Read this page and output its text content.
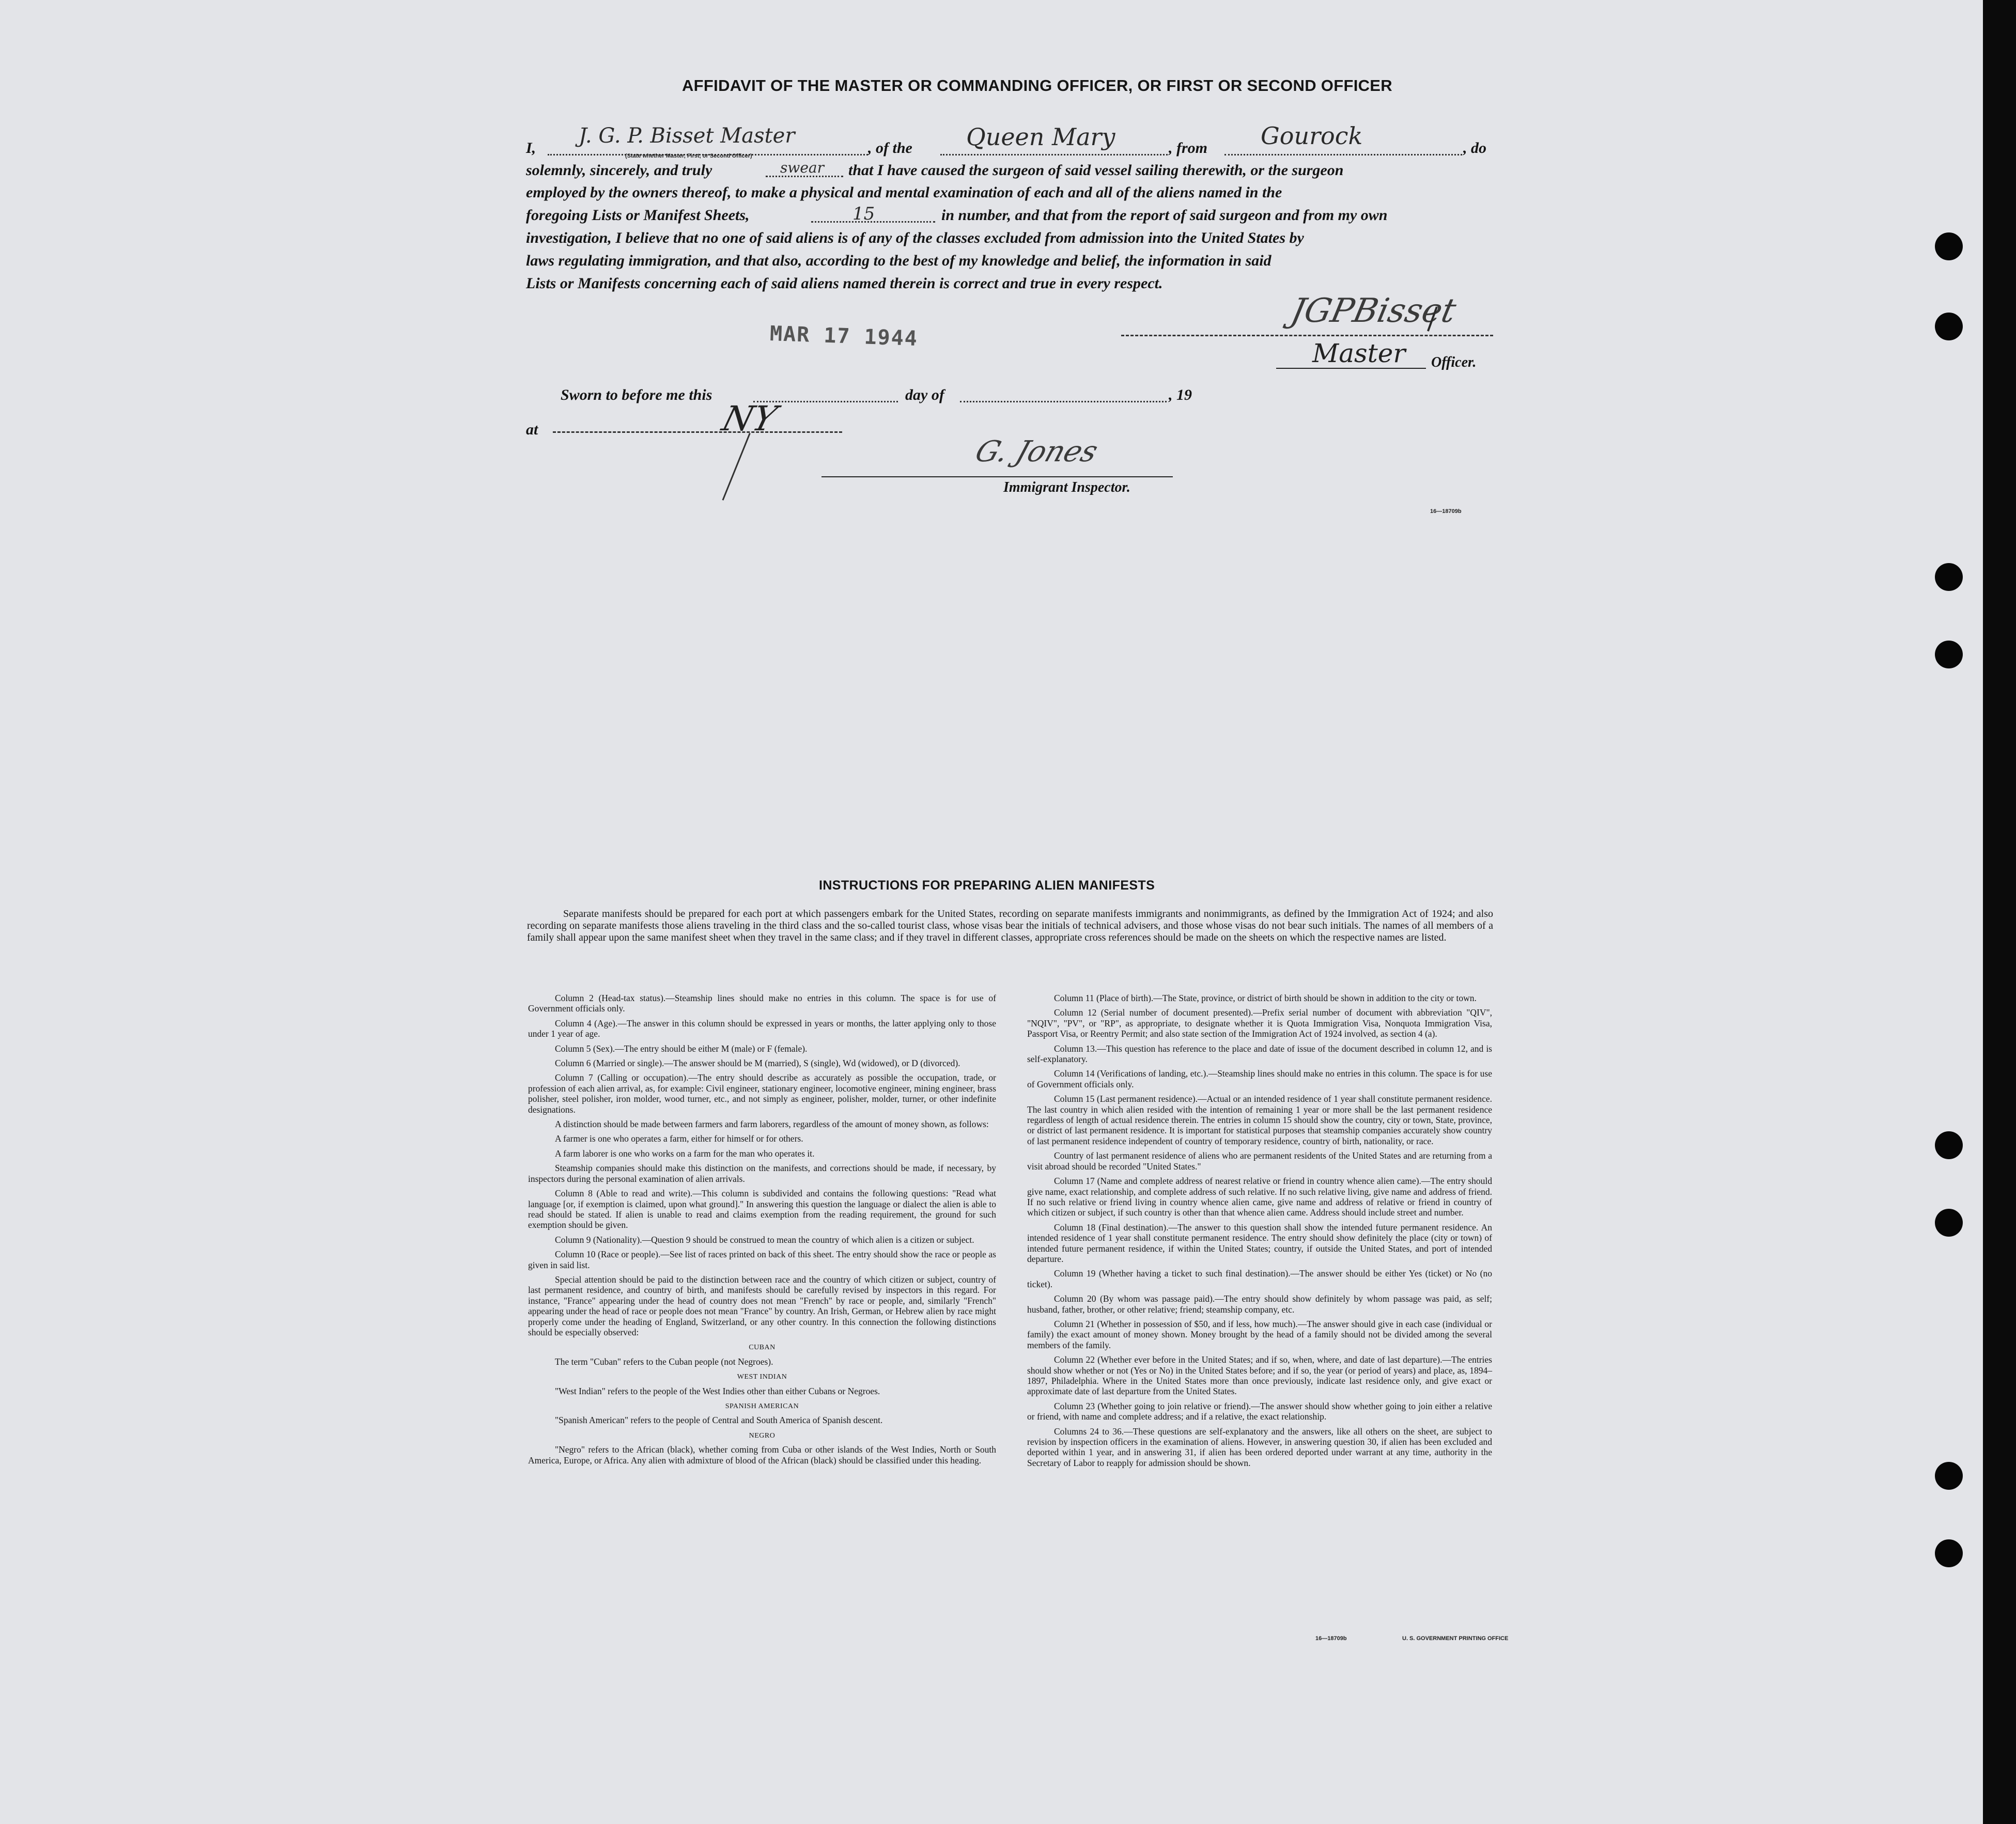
AFFIDAVIT OF THE MASTER OR COMMANDING OFFICER, OR FIRST OR SECOND OFFICER
I,
J. G. P. Bisset Master
(State whether Master, First, or Second Officer)	, of the Queen Mary	, from Gourock	, do
solemnly, sincerely, and truly	swear that I have caused the surgeon of said vessel sailing therewith, or the surgeon
employed by the owners thereof, to make a physical and mental examination of each and all of the aliens named in the
foregoing Lists or Manifest Sheets,	15	in number, and that from the report of said surgeon and from my own
investigation, I believe that no one of said aliens is of any of the classes excluded from admission into the United States by
laws regulating immigration, and that also, according to the best of my knowledge and belief, the information in said
Lists or Manifests concerning each of said aliens named therein is correct and true in every respect.
MAR 17 1944
JGPBisset
Master Officer.
Sworn to before me this	day of	, 19
at	NY
G. Jones
Immigrant Inspector.
16—18709b
INSTRUCTIONS FOR PREPARING ALIEN MANIFESTS
Separate manifests should be prepared for each port at which passengers embark for the United States, recording on separate manifests immigrants and nonimmigrants, as defined by the Immigration Act of 1924; and also recording on separate manifests those aliens traveling in the third class and the so-called tourist class, whose visas bear the initials of technical advisers, and those whose visas do not bear such initials. The names of all members of a family shall appear upon the same manifest sheet when they travel in the same class; and if they travel in different classes, appropriate cross references should be made on the sheets on which the respective names are listed.

Column 2 (Head-tax status).—Steamship lines should make no entries in this column. The space is for use of Government officials only.

Column 4 (Age).—The answer in this column should be expressed in years or months, the latter applying only to those under 1 year of age.

Column 5 (Sex).—The entry should be either M (male) or F (female).

Column 6 (Married or single).—The answer should be M (married), S (single), Wd (widowed), or D (divorced).

Column 7 (Calling or occupation).—The entry should describe as accurately as possible the occupation, trade, or profession of each alien arrival, as, for example: Civil engineer, stationary engineer, locomotive engineer, mining engineer, brass polisher, steel polisher, iron molder, wood turner, etc., and not simply as engineer, polisher, molder, turner, or other indefinite designations.

A distinction should be made between farmers and farm laborers, regardless of the amount of money shown, as follows:

A farmer is one who operates a farm, either for himself or for others.

A farm laborer is one who works on a farm for the man who operates it.

Steamship companies should make this distinction on the manifests, and corrections should be made, if necessary, by inspectors during the personal examination of alien arrivals.

Column 8 (Able to read and write).—This column is subdivided and contains the following questions: "Read what language [or, if exemption is claimed, upon what ground]." In answering this question the language or dialect the alien is able to read should be stated. If alien is unable to read and claims exemption from the reading requirement, the ground for such exemption should be given.

Column 9 (Nationality).—Question 9 should be construed to mean the country of which alien is a citizen or subject.

Column 10 (Race or people).—See list of races printed on back of this sheet. The entry should show the race or people as given in said list.

Special attention should be paid to the distinction between race and the country of which citizen or subject, country of last permanent residence, and country of birth, and manifests should be carefully revised by inspectors in this regard. For instance, "France" appearing under the head of country does not mean "French" by race or people, and, similarly "French" appearing under the head of race or people does not mean "France" by country. An Irish, German, or Hebrew alien by race might properly come under the heading of England, Switzerland, or any other country. In this connection the following distinctions should be especially observed:

CUBAN

The term "Cuban" refers to the Cuban people (not Negroes).

WEST INDIAN

"West Indian" refers to the people of the West Indies other than either Cubans or Negroes.

SPANISH AMERICAN

"Spanish American" refers to the people of Central and South America of Spanish descent.

NEGRO

"Negro" refers to the African (black), whether coming from Cuba or other islands of the West Indies, North or South America, Europe, or Africa. Any alien with admixture of blood of the African (black) should be classified under this heading.

Column 11 (Place of birth).—The State, province, or district of birth should be shown in addition to the city or town.

Column 12 (Serial number of document presented).—Prefix serial number of document with abbreviation "QIV", "NQIV", "PV", or "RP", as appropriate, to designate whether it is Quota Immigration Visa, Nonquota Immigration Visa, Passport Visa, or Reentry Permit; and also state section of the Immigration Act of 1924 involved, as section 4 (a).

Column 13.—This question has reference to the place and date of issue of the document described in column 12, and is self-explanatory.

Column 14 (Verifications of landing, etc.).—Steamship lines should make no entries in this column. The space is for use of Government officials only.

Column 15 (Last permanent residence).—Actual or an intended residence of 1 year shall constitute permanent residence. The last country in which alien resided with the intention of remaining 1 year or more shall be the last permanent residence regardless of length of actual residence therein. The entries in column 15 should show the country, city or town, State, province, or district of last permanent residence. It is important for statistical purposes that steamship companies accurately show country of last permanent residence independent of country of temporary residence, country of birth, nationality, or race.

Country of last permanent residence of aliens who are permanent residents of the United States and are returning from a visit abroad should be recorded "United States."

Column 17 (Name and complete address of nearest relative or friend in country whence alien came).—The entry should give name, exact relationship, and complete address of such relative. If no such relative living, give name and address of friend. If no such relative or friend living in country whence alien came, give name and address of relative or friend in country of which citizen or subject, if such country is other than that whence alien came. Address should include street and number.

Column 18 (Final destination).—The answer to this question shall show the intended future permanent residence. An intended residence of 1 year shall constitute permanent residence. The entry should show definitely the place (city or town) of intended future permanent residence, if within the United States; country, if outside the United States, and port of intended departure.

Column 19 (Whether having a ticket to such final destination).—The answer should be either Yes (ticket) or No (no ticket).

Column 20 (By whom was passage paid).—The entry should show definitely by whom passage was paid, as self; husband, father, brother, or other relative; friend; steamship company, etc.

Column 21 (Whether in possession of $50, and if less, how much).—The answer should give in each case (individual or family) the exact amount of money shown. Money brought by the head of a family should not be divided among the several members of the family.

Column 22 (Whether ever before in the United States; and if so, when, where, and date of last departure).—The entries should show whether or not (Yes or No) in the United States before; and if so, the year (or period of years) and place, as, 1894–1897, Philadelphia. Where in the United States more than once previously, indicate last residence only, and give exact or approximate date of last departure from the United States.

Column 23 (Whether going to join relative or friend).—The answer should show whether going to join either a relative or friend, with name and complete address; and if a relative, the exact relationship.

Columns 24 to 36.—These questions are self-explanatory and the answers, like all others on the sheet, are subject to revision by inspection officers in the examination of aliens. However, in answering question 30, if alien has been excluded and deported within 1 year, and in answering 31, if alien has been ordered deported under warrant at any time, authority in the Secretary of Labor to reapply for admission should be shown.

16—18709b	U. S. GOVERNMENT PRINTING OFFICE
